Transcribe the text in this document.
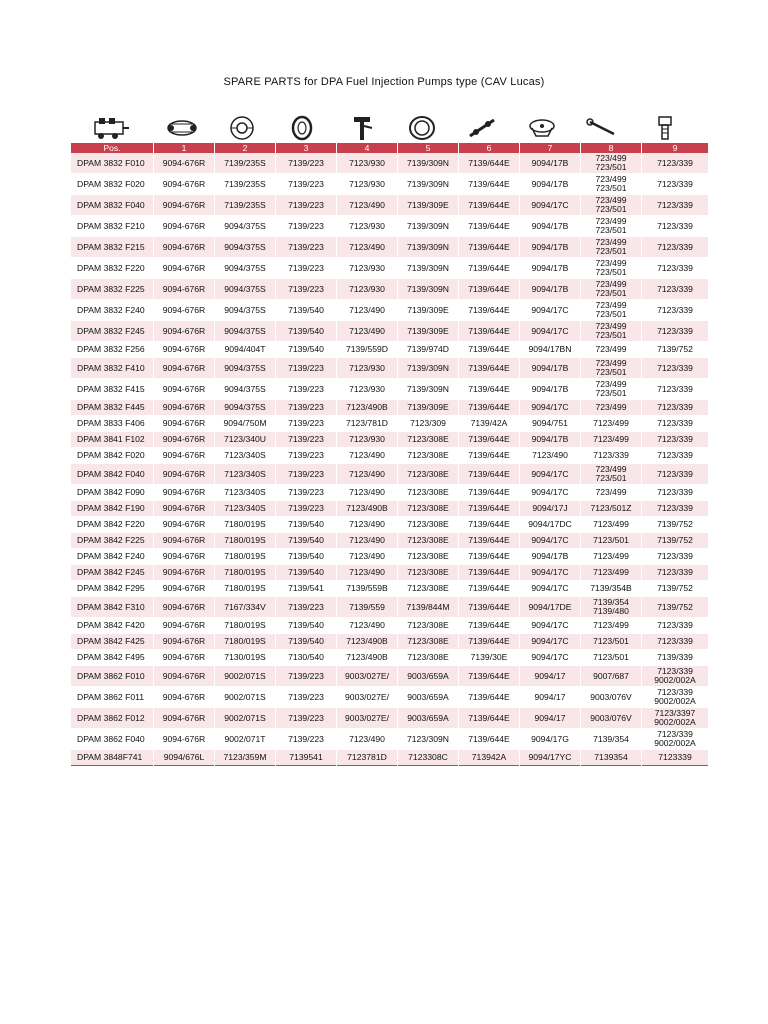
SPARE PARTS for DPA Fuel Injection Pumps type (CAV Lucas)
Pos.	1	2	3	4	5	6	7	8	9

DPAM 3832 F010	9094-676R	7139/235S	7139/223	7123/930	7139/309N	7139/644E	9094/17B	723/499
723/501	7123/339

DPAM 3832 F020	9094-676R	7139/235S	7139/223	7123/930	7139/309N	7139/644E	9094/17B	723/499
723/501	7123/339

DPAM 3832 F040	9094-676R	7139/235S	7139/223	7123/490	7139/309E	7139/644E	9094/17C	723/499
723/501	7123/339

DPAM 3832 F210	9094-676R	9094/375S	7139/223	7123/930	7139/309N	7139/644E	9094/17B	723/499
723/501	7123/339

DPAM 3832 F215	9094-676R	9094/375S	7139/223	7123/490	7139/309N	7139/644E	9094/17B	723/499
723/501	7123/339

DPAM 3832 F220	9094-676R	9094/375S	7139/223	7123/930	7139/309N	7139/644E	9094/17B	723/499
723/501	7123/339

DPAM 3832 F225	9094-676R	9094/375S	7139/223	7123/930	7139/309N	7139/644E	9094/17B	723/499
723/501	7123/339

DPAM 3832 F240	9094-676R	9094/375S	7139/540	7123/490	7139/309E	7139/644E	9094/17C	723/499
723/501	7123/339

DPAM 3832 F245	9094-676R	9094/375S	7139/540	7123/490	7139/309E	7139/644E	9094/17C	723/499
723/501	7123/339

DPAM 3832 F256	9094-676R	9094/404T	7139/540	7139/559D	7139/974D	7139/644E	9094/17BN	723/499	7139/752

DPAM 3832 F410	9094-676R	9094/375S	7139/223	7123/930	7139/309N	7139/644E	9094/17B	723/499
723/501	7123/339

DPAM 3832 F415	9094-676R	9094/375S	7139/223	7123/930	7139/309N	7139/644E	9094/17B	723/499
723/501	7123/339

DPAM 3832 F445	9094-676R	9094/375S	7139/223	7123/490B	7139/309E	7139/644E	9094/17C	723/499	7123/339

DPAM 3833 F406	9094-676R	9094/750M	7139/223	7123/781D	7123/309	7139/42A	9094/751	7123/499	7123/339

DPAM 3841 F102	9094-676R	7123/340U	7139/223	7123/930	7123/308E	7139/644E	9094/17B	7123/499	7123/339

DPAM 3842 F020	9094-676R	7123/340S	7139/223	7123/490	7123/308E	7139/644E	7123/490	7123/339	7123/339

DPAM 3842 F040	9094-676R	7123/340S	7139/223	7123/490	7123/308E	7139/644E	9094/17C	723/499
723/501	7123/339

DPAM 3842 F090	9094-676R	7123/340S	7139/223	7123/490	7123/308E	7139/644E	9094/17C	723/499	7123/339

DPAM 3842 F190	9094-676R	7123/340S	7139/223	7123/490B	7123/308E	7139/644E	9094/17J	7123/501Z	7123/339

DPAM 3842 F220	9094-676R	7180/019S	7139/540	7123/490	7123/308E	7139/644E	9094/17DC	7123/499	7139/752

DPAM 3842 F225	9094-676R	7180/019S	7139/540	7123/490	7123/308E	7139/644E	9094/17C	7123/501	7139/752

DPAM 3842 F240	9094-676R	7180/019S	7139/540	7123/490	7123/308E	7139/644E	9094/17B	7123/499	7123/339

DPAM 3842 F245	9094-676R	7180/019S	7139/540	7123/490	7123/308E	7139/644E	9094/17C	7123/499	7123/339

DPAM 3842 F295	9094-676R	7180/019S	7139/541	7139/559B	7123/308E	7139/644E	9094/17C	7139/354B	7139/752

DPAM 3842 F310	9094-676R	7167/334V	7139/223	7139/559	7139/844M	7139/644E	9094/17DE	7139/354
7139/480	7139/752

DPAM 3842 F420	9094-676R	7180/019S	7139/540	7123/490	7123/308E	7139/644E	9094/17C	7123/499	7123/339

DPAM 3842 F425	9094-676R	7180/019S	7139/540	7123/490B	7123/308E	7139/644E	9094/17C	7123/501	7123/339

DPAM 3842 F495	9094-676R	7130/019S	7130/540	7123/490B	7123/308E	7139/30E	9094/17C	7123/501	7139/339

DPAM 3862 F010	9094-676R	9002/071S	7139/223	9003/027E/	9003/659A	7139/644E	9094/17	9007/687	7123/339
9002/002A

DPAM 3862 F011	9094-676R	9002/071S	7139/223	9003/027E/	9003/659A	7139/644E	9094/17	9003/076V	7123/339
9002/002A

DPAM 3862 F012	9094-676R	9002/071S	7139/223	9003/027E/	9003/659A	7139/644E	9094/17	9003/076V	7123/3397
9002/002A

DPAM 3862 F040	9094-676R	9002/071T	7139/223	7123/490	7123/309N	7139/644E	9094/17G	7139/354	7123/339
9002/002A

DPAM 3848F741	9094/676L	7123/359M	7139541	7123781D	7123308C	713942A	9094/17YC	7139354	7123339
